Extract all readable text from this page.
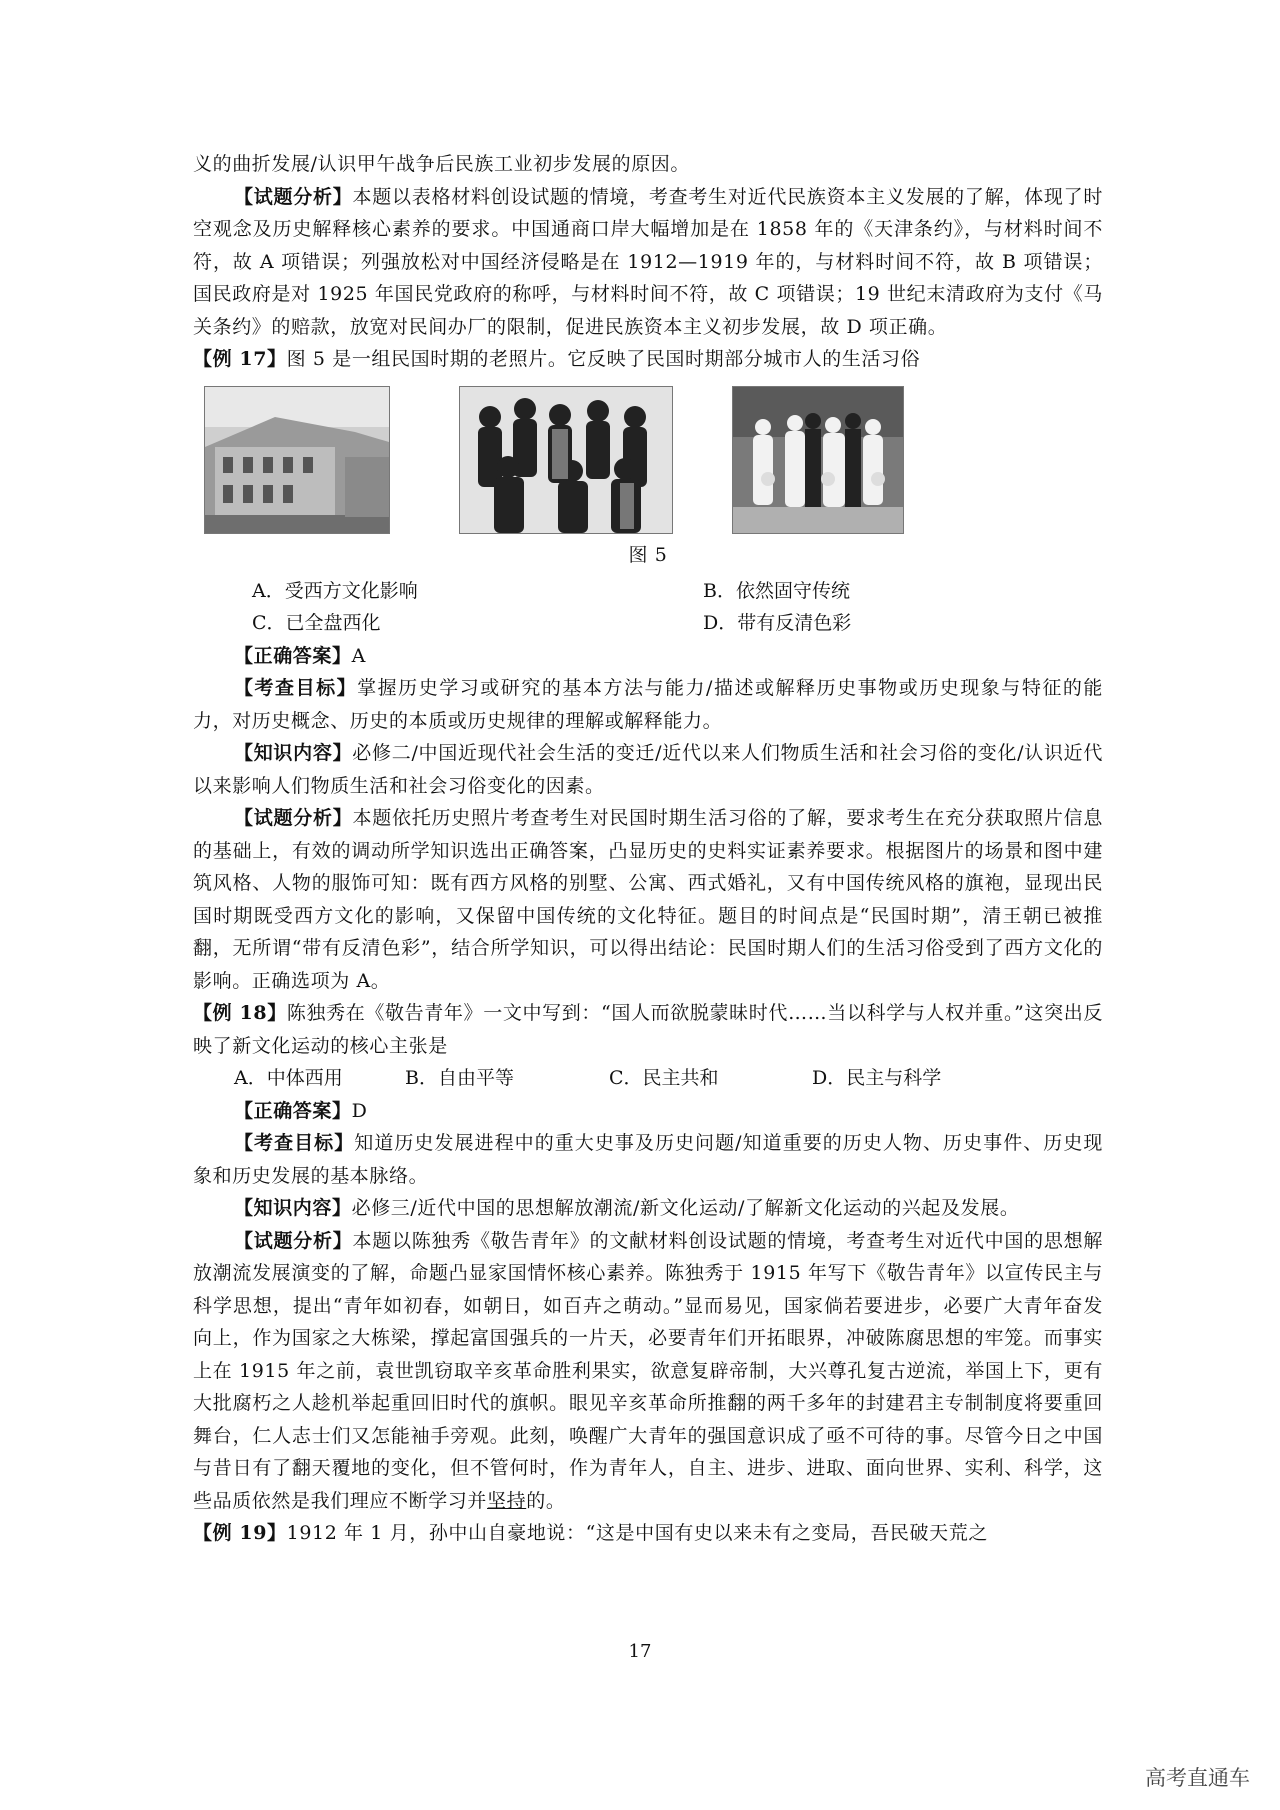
义的曲折发展/认识甲午战争后民族工业初步发展的原因。

【试题分析】本题以表格材料创设试题的情境，考查考生对近代民族资本主义发展的了解，体现了时空观念及历史解释核心素养的要求。中国通商口岸大幅增加是在 1858 年的《天津条约》，与材料时间不符，故 A 项错误；列强放松对中国经济侵略是在 1912—1919 年的，与材料时间不符，故 B 项错误；国民政府是对 1925 年国民党政府的称呼，与材料时间不符，故 C 项错误；19 世纪末清政府为支付《马关条约》的赔款，放宽对民间办厂的限制，促进民族资本主义初步发展，故 D 项正确。

【例 17】图 5 是一组民国时期的老照片。它反映了民国时期部分城市人的生活习俗

图 5

A．受西方文化影响	B．依然固守传统
C．已全盘西化	D．带有反清色彩

【正确答案】A

【考查目标】掌握历史学习或研究的基本方法与能力/描述或解释历史事物或历史现象与特征的能力，对历史概念、历史的本质或历史规律的理解或解释能力。

【知识内容】必修二/中国近现代社会生活的变迁/近代以来人们物质生活和社会习俗的变化/认识近代以来影响人们物质生活和社会习俗变化的因素。

【试题分析】本题依托历史照片考查考生对民国时期生活习俗的了解，要求考生在充分获取照片信息的基础上，有效的调动所学知识选出正确答案，凸显历史的史料实证素养要求。根据图片的场景和图中建筑风格、人物的服饰可知：既有西方风格的别墅、公寓、西式婚礼，又有中国传统风格的旗袍，显现出民国时期既受西方文化的影响，又保留中国传统的文化特征。题目的时间点是“民国时期”，清王朝已被推翻，无所谓“带有反清色彩”，结合所学知识，可以得出结论：民国时期人们的生活习俗受到了西方文化的影响。正确选项为 A。

【例 18】陈独秀在《敬告青年》一文中写到：“国人而欲脱蒙昧时代……当以科学与人权并重。”这突出反映了新文化运动的核心主张是

A．中体西用	B．自由平等	C．民主共和	D．民主与科学

【正确答案】D

【考查目标】知道历史发展进程中的重大史事及历史问题/知道重要的历史人物、历史事件、历史现象和历史发展的基本脉络。

【知识内容】必修三/近代中国的思想解放潮流/新文化运动/了解新文化运动的兴起及发展。

【试题分析】本题以陈独秀《敬告青年》的文献材料创设试题的情境，考查考生对近代中国的思想解放潮流发展演变的了解，命题凸显家国情怀核心素养。陈独秀于 1915 年写下《敬告青年》以宣传民主与科学思想，提出“青年如初春，如朝日，如百卉之萌动。”显而易见，国家倘若要进步，必要广大青年奋发向上，作为国家之大栋梁，撑起富国强兵的一片天，必要青年们开拓眼界，冲破陈腐思想的牢笼。而事实上在 1915 年之前，袁世凯窃取辛亥革命胜利果实，欲意复辟帝制，大兴尊孔复古逆流，举国上下，更有大批腐朽之人趁机举起重回旧时代的旗帜。眼见辛亥革命所推翻的两千多年的封建君主专制制度将要重回舞台，仁人志士们又怎能袖手旁观。此刻，唤醒广大青年的强国意识成了亟不可待的事。尽管今日之中国与昔日有了翻天覆地的变化，但不管何时，作为青年人，自主、进步、进取、面向世界、实利、科学，这些品质依然是我们理应不断学习并坚持的。

【例 19】1912 年 1 月，孙中山自豪地说：“这是中国有史以来未有之变局，吾民破天荒之

17
高考直通车
